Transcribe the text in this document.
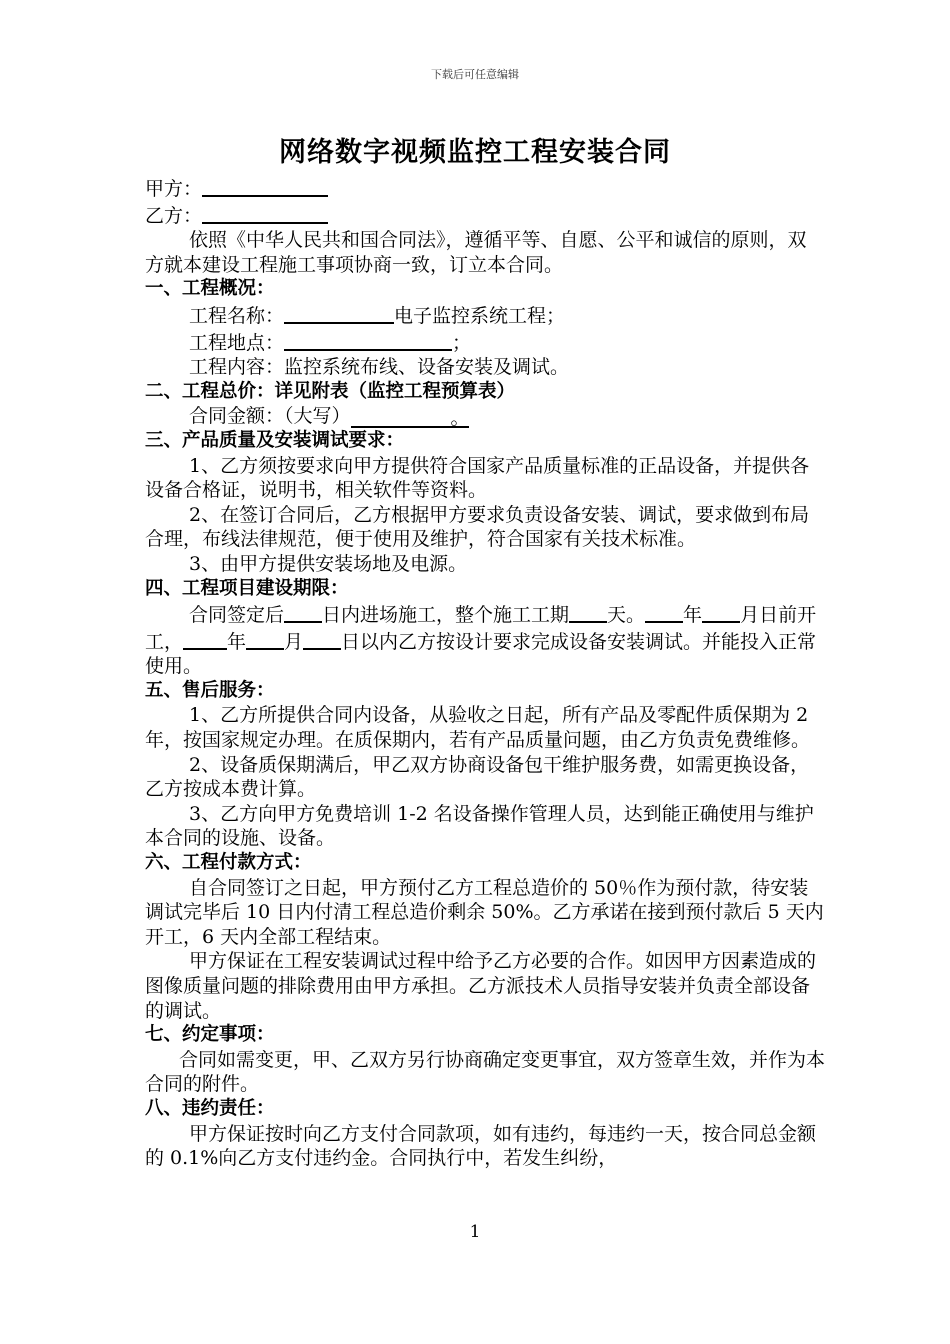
下载后可任意编辑
网络数字视频监控工程安装合同

甲方：

乙方：

依照《中华人民共和国合同法》，遵循平等、自愿、公平和诚信的原则，双方就本建设工程施工事项协商一致，订立本合同。

一、工程概况：

工程名称：	电子监控系统工程；

工程地点：	；

工程内容：监控系统布线、设备安装及调试。

二、工程总价：详见附表（监控工程预算表）

合同金额：（大写）	。

三、产品质量及安装调试要求：

1、乙方须按要求向甲方提供符合国家产品质量标准的正品设备，并提供各设备合格证，说明书，相关软件等资料。

2、在签订合同后，乙方根据甲方要求负责设备安装、调试，要求做到布局合理，布线法律规范，便于使用及维护，符合国家有关技术标准。

3、由甲方提供安装场地及电源。

四、工程项目建设期限：

合同签定后 日内进场施工，整个施工工期 天。 年 月日前开工， 年 月 日以内乙方按设计要求完成设备安装调试。并能投入正常使用。

五、售后服务：

1、乙方所提供合同内设备，从验收之日起，所有产品及零配件质保期为 2 年，按国家规定办理。在质保期内，若有产品质量问题，由乙方负责免费维修。

2、设备质保期满后，甲乙双方协商设备包干维护服务费，如需更换设备，乙方按成本费计算。

3、乙方向甲方免费培训 1-2 名设备操作管理人员，达到能正确使用与维护本合同的设施、设备。

六、工程付款方式：

自合同签订之日起，甲方预付乙方工程总造价的 50％作为预付款，待安装调试完毕后 10 日内付清工程总造价剩余 50%。乙方承诺在接到预付款后 5 天内开工，6 天内全部工程结束。

甲方保证在工程安装调试过程中给予乙方必要的合作。如因甲方因素造成的图像质量问题的排除费用由甲方承担。乙方派技术人员指导安装并负责全部设备的调试。

七、约定事项：

合同如需变更，甲、乙双方另行协商确定变更事宜，双方签章生效，并作为本合同的附件。

八、违约责任：

甲方保证按时向乙方支付合同款项，如有违约，每违约一天，按合同总金额的 0.1%向乙方支付违约金。合同执行中，若发生纠纷，

1
